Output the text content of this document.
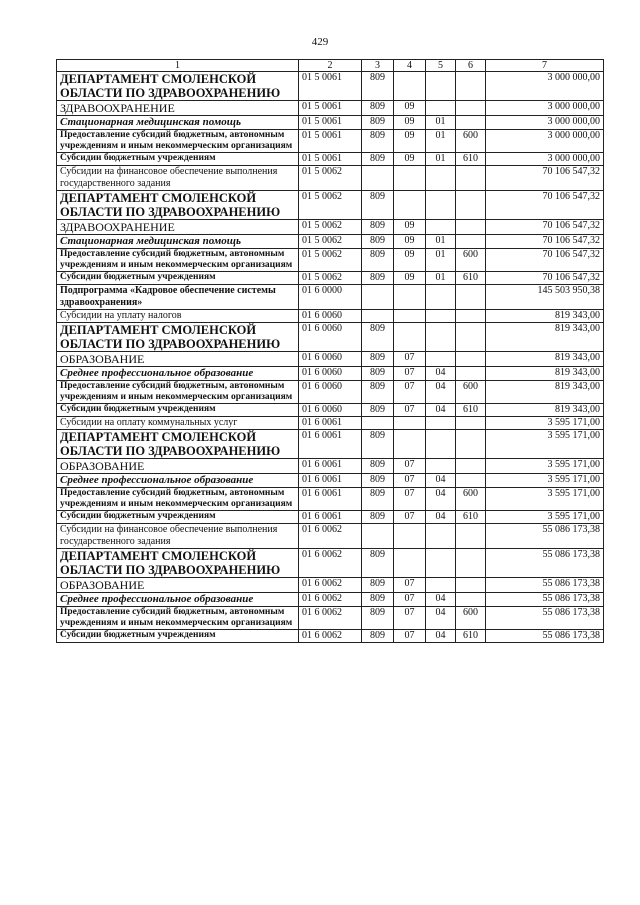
429
1	2	3	4	5	6	7
ДЕПАРТАМЕНТ СМОЛЕНСКОЙ ОБЛАСТИ ПО ЗДРАВООХРАНЕНИЮ	01 5 0061	809				3 000 000,00
ЗДРАВООХРАНЕНИЕ	01 5 0061	809	09			3 000 000,00
Стационарная медицинская помощь	01 5 0061	809	09	01		3 000 000,00
Предоставление субсидий бюджетным, автономным учреждениям и иным некоммерческим организациям	01 5 0061	809	09	01	600	3 000 000,00
Субсидии бюджетным учреждениям	01 5 0061	809	09	01	610	3 000 000,00
Субсидии на финансовое обеспечение выполнения государственного задания	01 5 0062					70 106 547,32
ДЕПАРТАМЕНТ СМОЛЕНСКОЙ ОБЛАСТИ ПО ЗДРАВООХРАНЕНИЮ	01 5 0062	809				70 106 547,32
ЗДРАВООХРАНЕНИЕ	01 5 0062	809	09			70 106 547,32
Стационарная медицинская помощь	01 5 0062	809	09	01		70 106 547,32
Предоставление субсидий бюджетным, автономным учреждениям и иным некоммерческим организациям	01 5 0062	809	09	01	600	70 106 547,32
Субсидии бюджетным учреждениям	01 5 0062	809	09	01	610	70 106 547,32
Подпрограмма «Кадровое обеспечение системы здравоохранения»	01 6 0000					145 503 950,38
Субсидии на уплату налогов	01 6 0060					819 343,00
ДЕПАРТАМЕНТ СМОЛЕНСКОЙ ОБЛАСТИ ПО ЗДРАВООХРАНЕНИЮ	01 6 0060	809				819 343,00
ОБРАЗОВАНИЕ	01 6 0060	809	07			819 343,00
Среднее профессиональное образование	01 6 0060	809	07	04		819 343,00
Предоставление субсидий бюджетным, автономным учреждениям и иным некоммерческим организациям	01 6 0060	809	07	04	600	819 343,00
Субсидии бюджетным учреждениям	01 6 0060	809	07	04	610	819 343,00
Субсидии на оплату коммунальных услуг	01 6 0061					3 595 171,00
ДЕПАРТАМЕНТ СМОЛЕНСКОЙ ОБЛАСТИ ПО ЗДРАВООХРАНЕНИЮ	01 6 0061	809				3 595 171,00
ОБРАЗОВАНИЕ	01 6 0061	809	07			3 595 171,00
Среднее профессиональное образование	01 6 0061	809	07	04		3 595 171,00
Предоставление субсидий бюджетным, автономным учреждениям и иным некоммерческим организациям	01 6 0061	809	07	04	600	3 595 171,00
Субсидии бюджетным учреждениям	01 6 0061	809	07	04	610	3 595 171,00
Субсидии на финансовое обеспечение выполнения государственного задания	01 6 0062					55 086 173,38
ДЕПАРТАМЕНТ СМОЛЕНСКОЙ ОБЛАСТИ ПО ЗДРАВООХРАНЕНИЮ	01 6 0062	809				55 086 173,38
ОБРАЗОВАНИЕ	01 6 0062	809	07			55 086 173,38
Среднее профессиональное образование	01 6 0062	809	07	04		55 086 173,38
Предоставление субсидий бюджетным, автономным учреждениям и иным некоммерческим организациям	01 6 0062	809	07	04	600	55 086 173,38
Субсидии бюджетным учреждениям	01 6 0062	809	07	04	610	55 086 173,38
